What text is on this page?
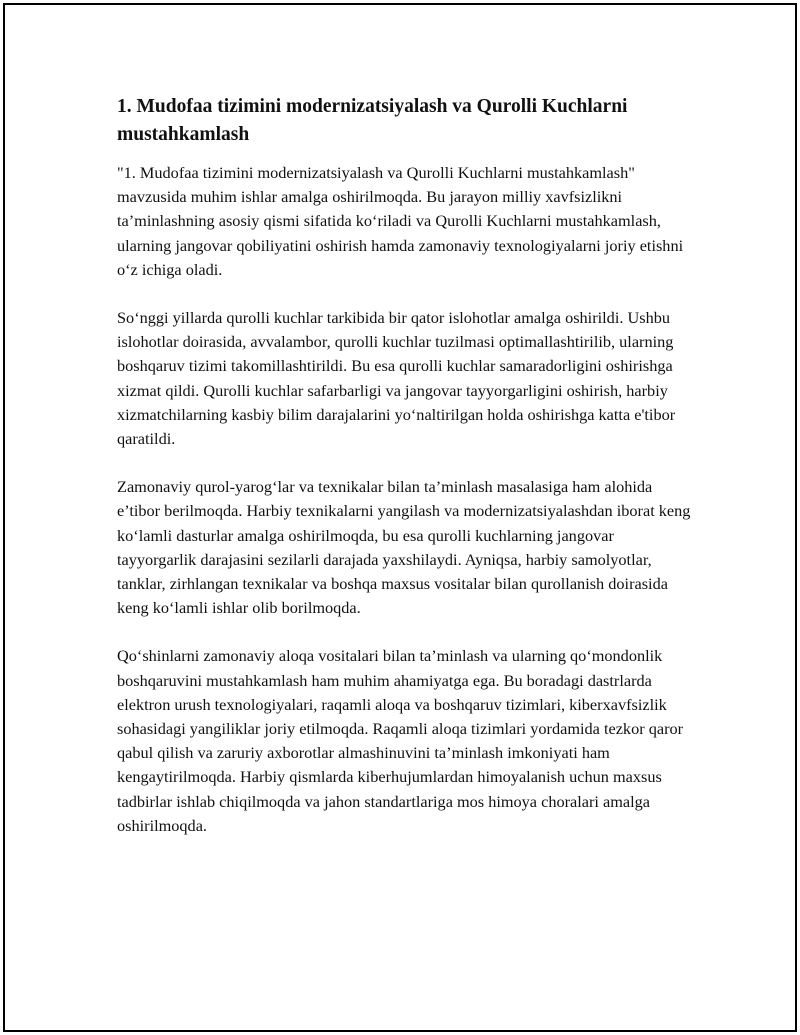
1. Mudofaa tizimini modernizatsiyalash va Qurolli Kuchlarni mustahkamlash

"1. Mudofaa tizimini modernizatsiyalash va Qurolli Kuchlarni mustahkamlash" mavzusida muhim ishlar amalga oshirilmoqda. Bu jarayon milliy xavfsizlikni ta’minlashning asosiy qismi sifatida ko‘riladi va Qurolli Kuchlarni mustahkamlash, ularning jangovar qobiliyatini oshirish hamda zamonaviy texnologiyalarni joriy etishni o‘z ichiga oladi.

So‘nggi yillarda qurolli kuchlar tarkibida bir qator islohotlar amalga oshirildi. Ushbu islohotlar doirasida, avvalambor, qurolli kuchlar tuzilmasi optimallashtirilib, ularning boshqaruv tizimi takomillashtirildi. Bu esa qurolli kuchlar samaradorligini oshirishga xizmat qildi. Qurolli kuchlar safarbarligi va jangovar tayyorgarligini oshirish, harbiy xizmatchilarning kasbiy bilim darajalarini yo‘naltirilgan holda oshirishga katta e'tibor qaratildi.

Zamonaviy qurol-yarog‘lar va texnikalar bilan ta’minlash masalasiga ham alohida e’tibor berilmoqda. Harbiy texnikalarni yangilash va modernizatsiyalashdan iborat keng ko‘lamli dasturlar amalga oshirilmoqda, bu esa qurolli kuchlarning jangovar tayyorgarlik darajasini sezilarli darajada yaxshilaydi. Ayniqsa, harbiy samolyotlar, tanklar, zirhlangan texnikalar va boshqa maxsus vositalar bilan qurollanish doirasida keng ko‘lamli ishlar olib borilmoqda.

Qo‘shinlarni zamonaviy aloqa vositalari bilan ta’minlash va ularning qo‘mondonlik boshqaruvini mustahkamlash ham muhim ahamiyatga ega. Bu boradagi dastrlarda elektron urush texnologiyalari, raqamli aloqa va boshqaruv tizimlari, kiberxavfsizlik sohasidagi yangiliklar joriy etilmoqda. Raqamli aloqa tizimlari yordamida tezkor qaror qabul qilish va zaruriy axborotlar almashinuvini ta’minlash imkoniyati ham kengaytirilmoqda. Harbiy qismlarda kiberhujumlardan himoyalanish uchun maxsus tadbirlar ishlab chiqilmoqda va jahon standartlariga mos himoya choralari amalga oshirilmoqda.
